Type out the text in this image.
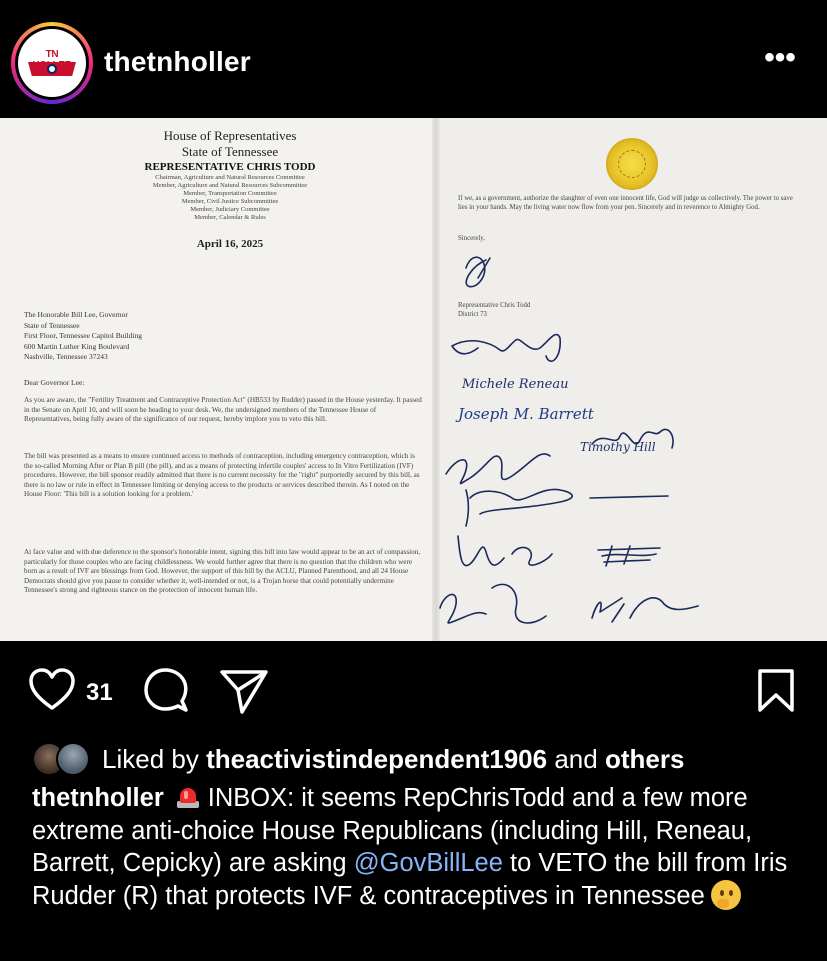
TN	thetnholler	•••
House of Representatives
State of Tennessee
REPRESENTATIVE CHRIS TODD
Chairman, Agriculture and Natural Resources Committee
Member, Agriculture and Natural Resources Subcommittee
Member, Transportation Committee
Member, Civil Justice Subcommittee
Member, Judiciary Committee
Member, Calendar & Rules
April 16, 2025
The Honorable Bill Lee, Governor
State of Tennessee
First Floor, Tennessee Capitol Building
600 Martin Luther King Boulevard
Nashville, Tennessee 37243
Dear Governor Lee:
As you are aware, the "Fertility Treatment and Contraceptive Protection Act" (HB533 by Rudder) passed in the House yesterday. It passed in the Senate on April 10, and will soon be heading to your desk. We, the undersigned members of the Tennessee House of Representatives, being fully aware of the significance of our request, hereby implore you to veto this bill.
The bill was presented as a means to ensure continued access to methods of contraception, including emergency contraception, which is the so-called Morning After or Plan B pill (the pill), and as a means of protecting infertile couples' access to In Vitro Fertilization (IVF) procedures. However, the bill sponsor readily admitted that there is no current necessity for the "right" purportedly secured by this bill, as there is no law or rule in effect in Tennessee limiting or denying access to the products or services described therein. As I noted on the House Floor: 'This bill is a solution looking for a problem.'
At face value and with due deference to the sponsor's honorable intent, signing this bill into law would appear to be an act of compassion, particularly for those couples who are facing childlessness. We would further agree that there is no question that the children who were born as a result of IVF are blessings from God. However, the support of this bill by the ACLU, Planned Parenthood, and all 24 House Democrats should give you pause to consider whether it, well-intended or not, is a Trojan horse that could potentially undermine Tennessee's strong and righteous stance on the protection of innocent human life.
If we, as a government, authorize the slaughter of even one innocent life, God will judge us collectively. The power to save lies in your hands. May the living water now flow from your pen. Sincerely and in reverence to Almighty God.
Sincerely,
Representative Chris Todd
District 73
Michele Reneau
Joseph M. Barrett
Timothy Hill
31
Liked by theactivistindependent1906 and others
thetnholler INBOX: it seems RepChrisTodd and a few more extreme anti-choice House Republicans (including Hill, Reneau, Barrett, Cepicky) are asking @GovBillLee to VETO the bill from Iris Rudder (R) that protects IVF & contraceptives in Tennessee
